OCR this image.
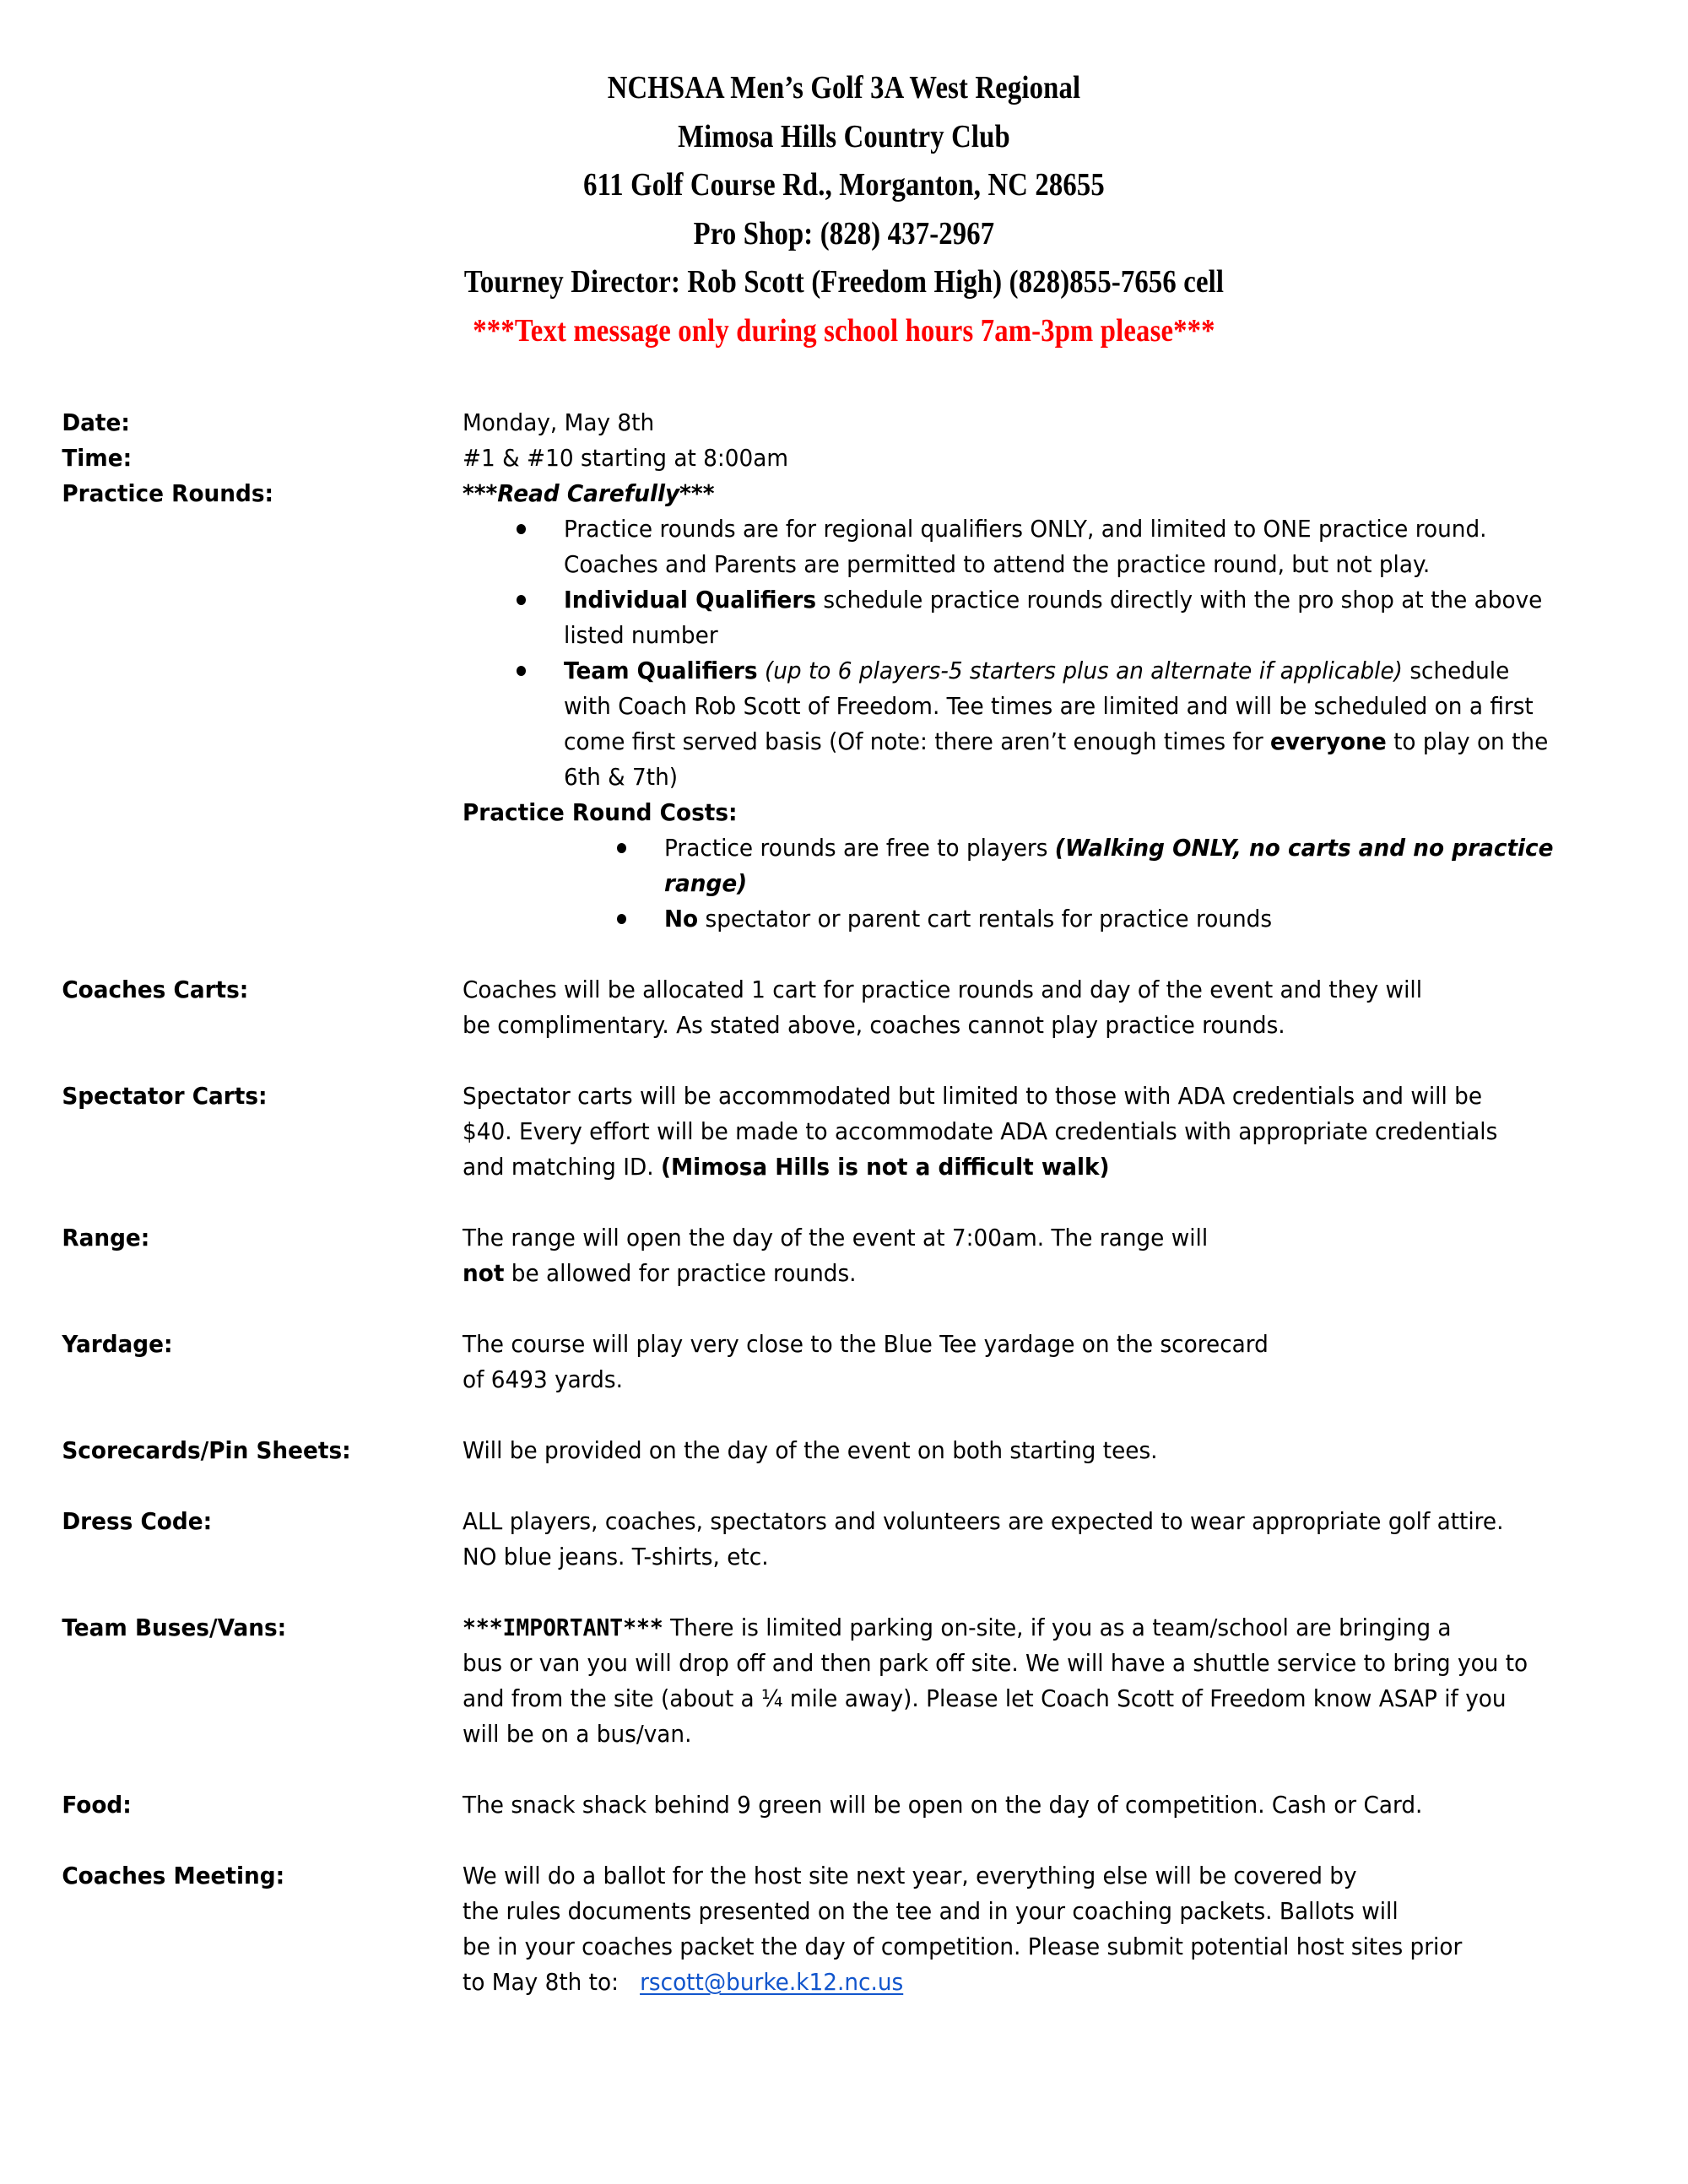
NCHSAA Men’s Golf 3A West Regional
Mimosa Hills Country Club
611 Golf Course Rd., Morganton, NC 28655
Pro Shop: (828) 437-2967
Tourney Director: Rob Scott (Freedom High) (828)855-7656 cell
***Text message only during school hours 7am-3pm please***
Date:	Monday, May 8th
Time:	#1 & #10 starting at 8:00am
Practice Rounds:	***Read Carefully***
Practice rounds are for regional qualifiers ONLY, and limited to ONE practice round.
Coaches and Parents are permitted to attend the practice round, but not play.
Individual Qualifiers schedule practice rounds directly with the pro shop at the above
listed number
Team Qualifiers (up to 6 players-5 starters plus an alternate if applicable) schedule
with Coach Rob Scott of Freedom. Tee times are limited and will be scheduled on a first
come first served basis (Of note: there aren’t enough times for everyone to play on the
6th & 7th)
Practice Round Costs:
Practice rounds are free to players (Walking ONLY, no carts and no practice
range)
No spectator or parent cart rentals for practice rounds
Coaches Carts:	Coaches will be allocated 1 cart for practice rounds and day of the event and they will
be complimentary. As stated above, coaches cannot play practice rounds.
Spectator Carts:	Spectator carts will be accommodated but limited to those with ADA credentials and will be
$40. Every effort will be made to accommodate ADA credentials with appropriate credentials
and matching ID. (Mimosa Hills is not a difficult walk)
Range:	The range will open the day of the event at 7:00am. The range will
not be allowed for practice rounds.
Yardage:	The course will play very close to the Blue Tee yardage on the scorecard
of 6493 yards.
Scorecards/Pin Sheets:	Will be provided on the day of the event on both starting tees.
Dress Code:	ALL players, coaches, spectators and volunteers are expected to wear appropriate golf attire.
NO blue jeans. T-shirts, etc.
Team Buses/Vans:	***IMPORTANT*** There is limited parking on-site, if you as a team/school are bringing a
bus or van you will drop off and then park off site. We will have a shuttle service to bring you to
and from the site (about a ¼ mile away). Please let Coach Scott of Freedom know ASAP if you
will be on a bus/van.
Food:	The snack shack behind 9 green will be open on the day of competition. Cash or Card.
Coaches Meeting:	We will do a ballot for the host site next year, everything else will be covered by
the rules documents presented on the tee and in your coaching packets. Ballots will
be in your coaches packet the day of competition. Please submit potential host sites prior
to May 8th to:   rscott@burke.k12.nc.us
